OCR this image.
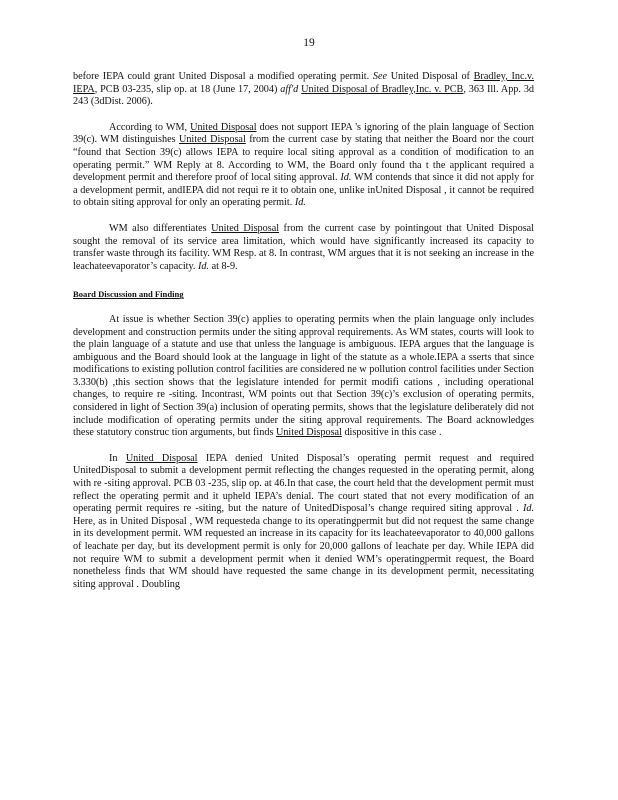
19

before IEPA could grant United Disposal a modified operating permit. See United Disposal of Bradley, Inc.v. IEPA, PCB 03-235, slip op. at 18 (June 17, 2004) aff'd United Disposal of Bradley,Inc. v. PCB, 363 Ill. App. 3d 243 (3dDist. 2006).

According to WM, United Disposal does not support IEPA 's ignoring of the plain language of Section 39(c). WM distinguishes United Disposal from the current case by stating that neither the Board nor the court “found that Section 39(c) allows IEPA to require local siting approval as a condition of modification to an operating permit.” WM Reply at 8. According to WM, the Board only found tha t the applicant required a development permit and therefore proof of local siting approval. Id. WM contends that since it did not apply for a development permit, andIEPA did not requi re it to obtain one, unlike inUnited Disposal , it cannot be required to obtain siting approval for only an operating permit. Id.

WM also differentiates United Disposal from the current case by pointingout that United Disposal sought the removal of its service area limitation, which would have significantly increased its capacity to transfer waste through its facility. WM Resp. at 8. In contrast, WM argues that it is not seeking an increase in the leachateevaporator’s capacity. Id. at 8-9.

Board Discussion and Finding

At issue is whether Section 39(c) applies to operating permits when the plain language only includes development and construction permits under the siting approval requirements. As WM states, courts will look to the plain language of a statute and use that unless the language is ambiguous. IEPA argues that the language is ambiguous and the Board should look at the language in light of the statute as a whole.IEPA a sserts that since modifications to existing pollution control facilities are considered ne w pollution control facilities under Section 3.330(b) ,this section shows that the legislature intended for permit modifi cations , including operational changes, to require re -siting. Incontrast, WM points out that Section 39(c)’s exclusion of operating permits, considered in light of Section 39(a) inclusion of operating permits, shows that the legislature deliberately did not include modification of operating permits under the siting approval requirements. The Board acknowledges these statutory construc tion arguments, but finds United Disposal dispositive in this case .

In United Disposal IEPA denied United Disposal’s operating permit request and required UnitedDisposal to submit a development permit reflecting the changes requested in the operating permit, along with re -siting approval. PCB 03 -235, slip op. at 46.In that case, the court held that the development permit must reflect the operating permit and it upheld IEPA’s denial. The court stated that not every modification of an operating permit requires re -siting, but the nature of UnitedDisposal’s change required siting approval . Id. Here, as in United Disposal , WM requesteda change to its operatingpermit but did not request the same change in its development permit. WM requested an increase in its capacity for its leachateevaporator to 40,000 gallons of leachate per day, but its development permit is only for 20,000 gallons of leachate per day. While IEPA did not require WM to submit a development permit when it denied WM’s operatingpermit request, the Board nonetheless finds that WM should have requested the same change in its development permit, necessitating siting approval . Doubling
